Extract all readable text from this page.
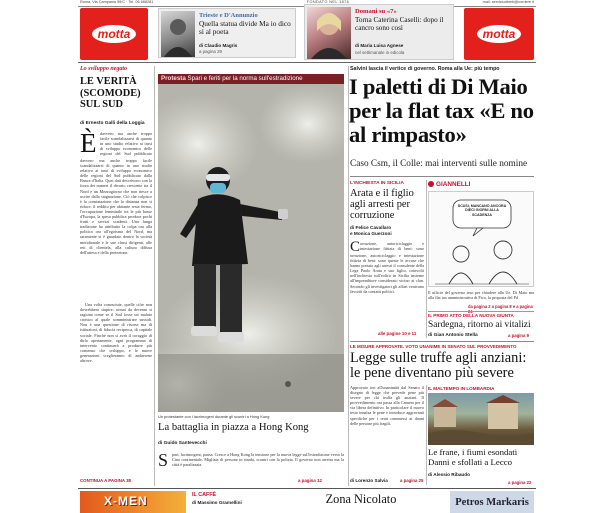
Roma, Via Campania 59/C · Tel. 06 688281	FONDATO NEL 1876	mail: servizioclienti@corriere.it
motta
Trieste e D'Annunzio
Quella statua divide Ma io dico sì al poeta
di Claudio Magris
a pagina 29
Domani su «7»
Torna Caterina Caselli: dopo il cancro sono così
di Maria Luisa Agnese
nel settimanale in edicola
motta
Lo sviluppo negato
LE VERITÀ (SCOMODE) SUL SUD
di Ernesto Galli della Loggia
È davvero ma anche troppo facile scandalizzarsi di quanto in uno studio relativo ai tassi di sviluppo economico delle regioni del Sud pubblicato
davvero ma anche troppo facile scandalizzarsi di quanto in uno studio relativo ai tassi di sviluppo economico delle regioni del Sud pubblicato dalla Banca d'Italia. Quei dati descrivono con la forza dei numeri il divario crescente tra il Nord e un Mezzogiorno che non riesce a uscire dalla stagnazione. Ciò che colpisce è la constatazione che la distanza non si riduce: il reddito per abitante resta fermo, l'occupazione femminile tra le più basse d'Europa, la spesa pubblica produce pochi frutti e servizi scadenti. Una lunga tradizione ha attribuito la colpa ora alla politica ora all'egoismo del Nord, ma raramente si è guardato dentro la società meridionale e le sue classi dirigenti, alle reti di clientela, alla cultura diffusa dell'attesa e della protezione.
Una volta conosciute, quelle cifre non dovrebbero stupire: ormai da decenni si ragiona come se il Sud fosse un malato cronico al quale somministrare sussidi. Non è una questione di risorse ma di istituzioni, di fiducia reciproca, di capitale sociale. Finché non si avrà il coraggio di dirlo apertamente, ogni programma di intervento continuerà a produrre più consenso che sviluppo, e le nuove generazioni sceglieranno di andarsene altrove.
CONTINUA A PAGINA 38
Protesta Spari e feriti per la norma sull'estradizione
Un protestante con i lacrimogeni durante gli scontri a Hong Kong
La battaglia in piazza a Hong Kong
di Guido Santevecchi
S pari, lacrimogeni, pausa. Cresce a Hong Kong la tensione per la nuova legge sull'estradizione verso la Cina continentale. Migliaia di persone in strada, scontri con la polizia. Il governo non arretra ma la città è paralizzata.
a pagina 12
Salvini lascia il vertice di governo. Roma alla Ue: più tempo
I paletti di Di Maio per la flat tax «E no al rimpasto»
Caso Csm, il Colle: mai interventi sulle nomine
L'INCHIESTA IN SICILIA
Arata e il figlio agli arresti per corruzione
di Felice Cavallaro
e Monica Guerzoni
C orruzione, autoriciclaggio e intestazione fittizia di beni: sono
orruzione, autoriciclaggio e intestazione fittizia di beni: sono queste le accuse che hanno portato agli arresti il consulente della Lega Paolo Arata e suo figlio, coinvolti nell'inchiesta sull'eolico in Sicilia insieme all'imprenditore considerato vicino ai clan. Secondo gli investigatori gli affari venivano favoriti da contatti politici.
alle pagine 10 e 11
GIANNELLI
SCUSI, MANCANO ANCORA DIECI GIORNI ALLA SCADENZA
Il ufficio del governo teso per chiudere alla Ue. Di Maio ma alla flat tax amministrativa di Fico, la proposta del Pd
da pagina 2 a pagina 8 e a pagina
IL PRIMO ATTO DELLA NUOVA GIUNTA
Sardegna, ritorno ai vitalizi
di Gian Antonio Stella	a pagina 9
LE MISURE APPROVATE. VOTO UNANIME IN SENATO SUL PROVVEDIMENTO
Legge sulle truffe agli anziani: le pene diventano più severe
Approvato ieri all'unanimità dal Senato il disegno di legge che prevede pene più severe per chi truffa gli anziani. Il provvedimento ora passa alla Camera per il via libera definitivo. In particolare il nuovo testo innalza le pene e introduce aggravanti specifiche per i reati commessi ai danni delle persone più fragili.
di Lorenzo Salvia	a pagina 25
IL MALTEMPO IN LOMBARDIA
Le frane, i fiumi esondati Danni e sfollati a Lecco
di Alessio Ribaudo
a pagina 22
X-MEN	IL CAFFÈ
di Massimo Gramellini	Zona Nicolato	Petros Markaris
